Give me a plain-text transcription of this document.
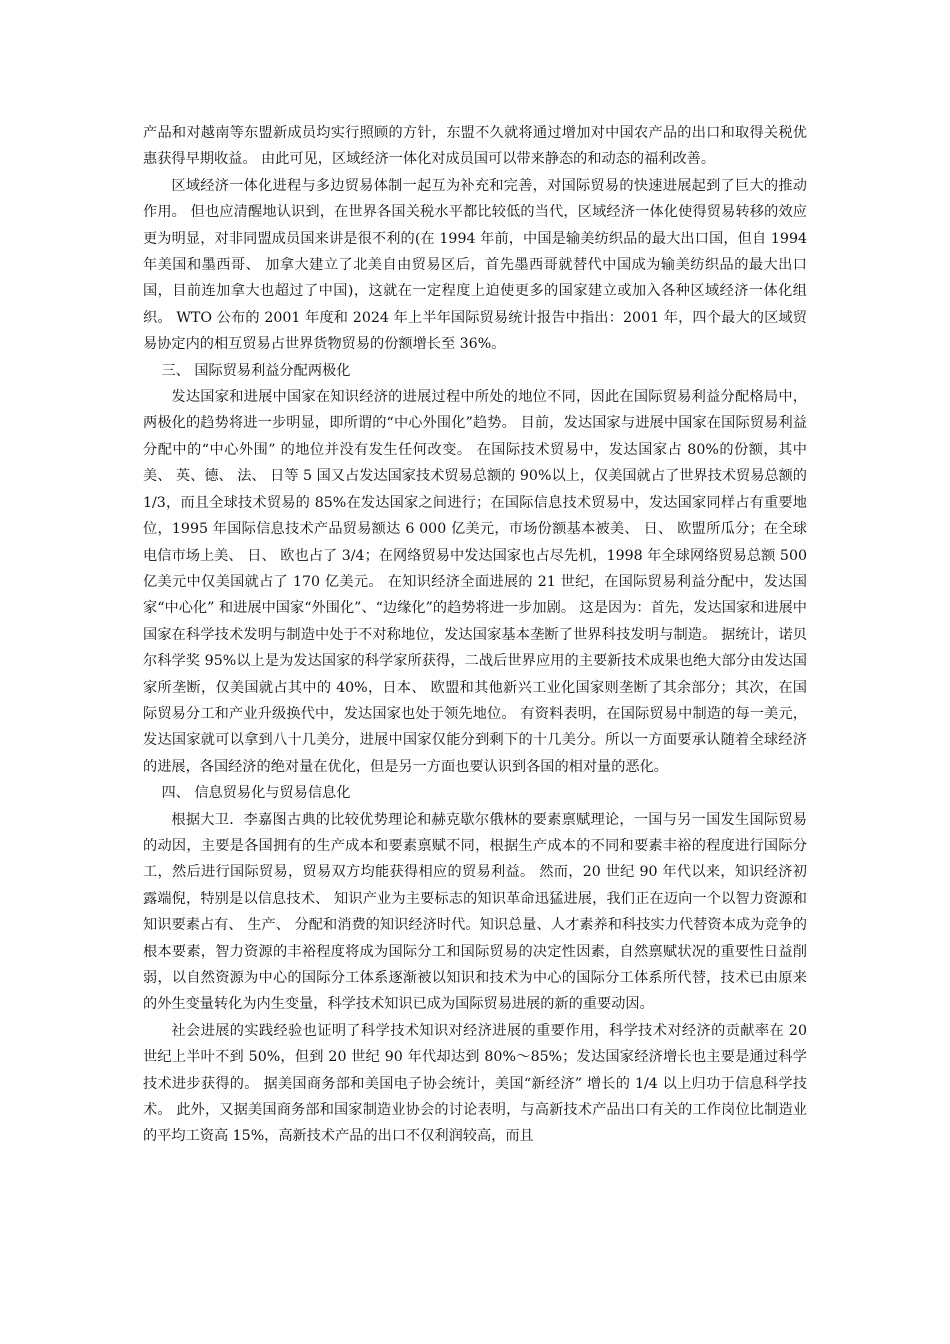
产品和对越南等东盟新成员均实行照顾的方针，东盟不久就将通过增加对中国农产品的出口和取得关税优惠获得早期收益。 由此可见，区域经济一体化对成员国可以带来静态的和动态的福利改善。

区域经济一体化进程与多边贸易体制一起互为补充和完善，对国际贸易的快速进展起到了巨大的推动作用。 但也应清醒地认识到，在世界各国关税水平都比较低的当代，区域经济一体化使得贸易转移的效应更为明显，对非同盟成员国来讲是很不利的(在 1994 年前，中国是输美纺织品的最大出口国，但自 1994 年美国和墨西哥、 加拿大建立了北美自由贸易区后，首先墨西哥就替代中国成为输美纺织品的最大出口国，目前连加拿大也超过了中国)，这就在一定程度上迫使更多的国家建立或加入各种区域经济一体化组织。 WTO 公布的 2001 年度和 2024 年上半年国际贸易统计报告中指出：2001 年，四个最大的区域贸易协定内的相互贸易占世界货物贸易的份额增长至 36%。

三、 国际贸易利益分配两极化

发达国家和进展中国家在知识经济的进展过程中所处的地位不同，因此在国际贸易利益分配格局中，两极化的趋势将进一步明显，即所谓的“中心外围化”趋势。 目前，发达国家与进展中国家在国际贸易利益分配中的“中心外围” 的地位并没有发生任何改变。 在国际技术贸易中，发达国家占 80%的份额，其中美、 英、德、 法、 日等 5 国又占发达国家技术贸易总额的 90%以上，仅美国就占了世界技术贸易总额的 1/3，而且全球技术贸易的 85%在发达国家之间进行；在国际信息技术贸易中，发达国家同样占有重要地位，1995 年国际信息技术产品贸易额达 6 000 亿美元，市场份额基本被美、 日、 欧盟所瓜分；在全球电信市场上美、 日、 欧也占了 3/4；在网络贸易中发达国家也占尽先机，1998 年全球网络贸易总额 500 亿美元中仅美国就占了 170 亿美元。 在知识经济全面进展的 21 世纪，在国际贸易利益分配中，发达国家“中心化” 和进展中国家“外围化”、“边缘化”的趋势将进一步加剧。 这是因为：首先，发达国家和进展中国家在科学技术发明与制造中处于不对称地位，发达国家基本垄断了世界科技发明与制造。 据统计，诺贝尔科学奖 95%以上是为发达国家的科学家所获得，二战后世界应用的主要新技术成果也绝大部分由发达国家所垄断，仅美国就占其中的 40%，日本、 欧盟和其他新兴工业化国家则垄断了其余部分；其次，在国际贸易分工和产业升级换代中，发达国家也处于领先地位。 有资料表明，在国际贸易中制造的每一美元，发达国家就可以拿到八十几美分，进展中国家仅能分到剩下的十几美分。所以一方面要承认随着全球经济的进展，各国经济的绝对量在优化，但是另一方面也要认识到各国的相对量的恶化。

四、 信息贸易化与贸易信息化

根据大卫．李嘉图古典的比较优势理论和赫克歇尔俄林的要素禀赋理论，一国与另一国发生国际贸易的动因，主要是各国拥有的生产成本和要素禀赋不同，根据生产成本的不同和要素丰裕的程度进行国际分工，然后进行国际贸易，贸易双方均能获得相应的贸易利益。 然而，20 世纪 90 年代以来，知识经济初露端倪，特别是以信息技术、 知识产业为主要标志的知识革命迅猛进展，我们正在迈向一个以智力资源和知识要素占有、 生产、 分配和消费的知识经济时代。知识总量、人才素养和科技实力代替资本成为竞争的根本要素，智力资源的丰裕程度将成为国际分工和国际贸易的决定性因素，自然禀赋状况的重要性日益削弱，以自然资源为中心的国际分工体系逐渐被以知识和技术为中心的国际分工体系所代替，技术已由原来的外生变量转化为内生变量，科学技术知识已成为国际贸易进展的新的重要动因。

社会进展的实践经验也证明了科学技术知识对经济进展的重要作用，科学技术对经济的贡献率在 20 世纪上半叶不到 50%，但到 20 世纪 90 年代却达到 80%～85%；发达国家经济增长也主要是通过科学技术进步获得的。 据美国商务部和美国电子协会统计，美国“新经济” 增长的 1/4 以上归功于信息科学技术。 此外，又据美国商务部和国家制造业协会的讨论表明，与高新技术产品出口有关的工作岗位比制造业的平均工资高 15%，高新技术产品的出口不仅利润较高，而且
